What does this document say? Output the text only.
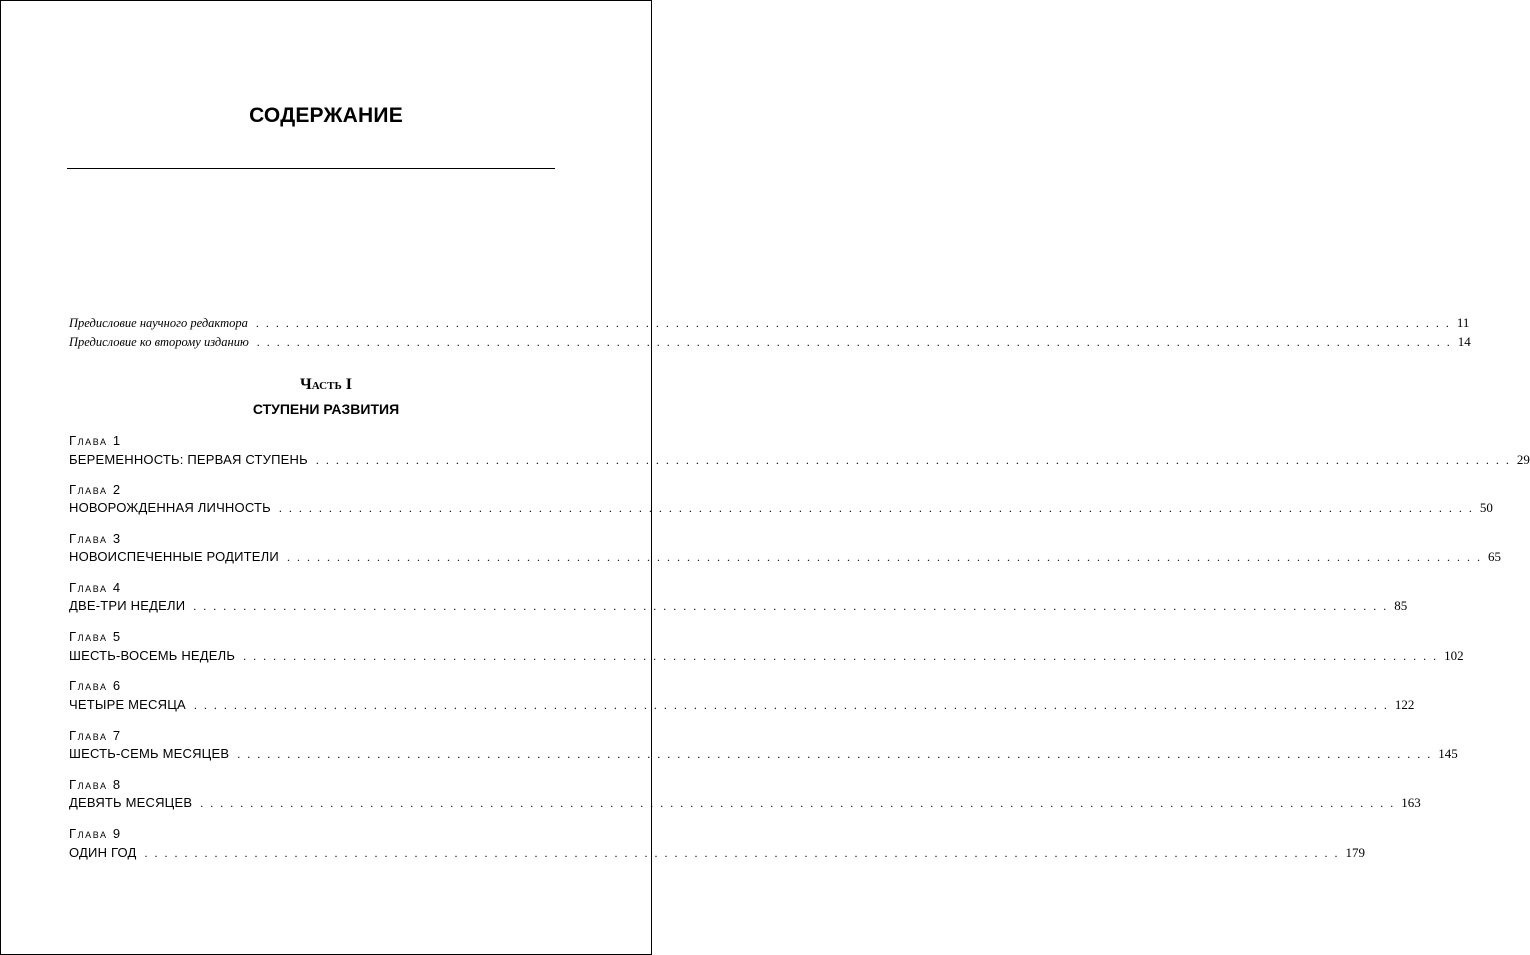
СОДЕРЖАНИЕ
Предисловие научного редактора . . . . . . . . . . . . . . . . . . . . . . . . . . . . . . . . . . . . . . . . . . . . . . . . . . . . . . . . . . . . . . . . . . . . . . . . . . . . . . . . . . . . . . . . . . . . . . . . . . . . . . . . . . . . . . . . . . . . . . . . 11
Предисловие ко второму изданию . . . . . . . . . . . . . . . . . . . . . . . . . . . . . . . . . . . . . . . . . . . . . . . . . . . . . . . . . . . . . . . . . . . . . . . . . . . . . . . . . . . . . . . . . . . . . . . . . . . . . . . . . . . . . . . . . . . . . . . . 14
Часть I
СТУПЕНИ РАЗВИТИЯ
Глава 1
БЕРЕМЕННОСТЬ: ПЕРВАЯ СТУПЕНЬ . . . . . . . . . . . . . . . . . . . . . . . . . . . . . . . . . . . . . . . . . . . . . . . . . . . . . . . . . . . . . . . . . . . . . . . . . . . . . . . . . . . . . . . . . . . . . . . . . . . . . . . . . . . . . . . . . . . . . . . . 29
Глава 2
НОВОРОЖДЕННАЯ ЛИЧНОСТЬ . . . . . . . . . . . . . . . . . . . . . . . . . . . . . . . . . . . . . . . . . . . . . . . . . . . . . . . . . . . . . . . . . . . . . . . . . . . . . . . . . . . . . . . . . . . . . . . . . . . . . . . . . . . . . . . . . . . . . . . . 50
Глава 3
НОВОИСПЕЧЕННЫЕ РОДИТЕЛИ . . . . . . . . . . . . . . . . . . . . . . . . . . . . . . . . . . . . . . . . . . . . . . . . . . . . . . . . . . . . . . . . . . . . . . . . . . . . . . . . . . . . . . . . . . . . . . . . . . . . . . . . . . . . . . . . . . . . . . . . 65
Глава 4
ДВЕ-ТРИ НЕДЕЛИ . . . . . . . . . . . . . . . . . . . . . . . . . . . . . . . . . . . . . . . . . . . . . . . . . . . . . . . . . . . . . . . . . . . . . . . . . . . . . . . . . . . . . . . . . . . . . . . . . . . . . . . . . . . . . . . . . . . . . . . . 85
Глава 5
ШЕСТЬ-ВОСЕМЬ НЕДЕЛЬ . . . . . . . . . . . . . . . . . . . . . . . . . . . . . . . . . . . . . . . . . . . . . . . . . . . . . . . . . . . . . . . . . . . . . . . . . . . . . . . . . . . . . . . . . . . . . . . . . . . . . . . . . . . . . . . . . . . . . . . . 102
Глава 6
ЧЕТЫРЕ МЕСЯЦА . . . . . . . . . . . . . . . . . . . . . . . . . . . . . . . . . . . . . . . . . . . . . . . . . . . . . . . . . . . . . . . . . . . . . . . . . . . . . . . . . . . . . . . . . . . . . . . . . . . . . . . . . . . . . . . . . . . . . . . . 122
Глава 7
ШЕСТЬ-СЕМЬ МЕСЯЦЕВ . . . . . . . . . . . . . . . . . . . . . . . . . . . . . . . . . . . . . . . . . . . . . . . . . . . . . . . . . . . . . . . . . . . . . . . . . . . . . . . . . . . . . . . . . . . . . . . . . . . . . . . . . . . . . . . . . . . . . . . . 145
Глава 8
ДЕВЯТЬ МЕСЯЦЕВ . . . . . . . . . . . . . . . . . . . . . . . . . . . . . . . . . . . . . . . . . . . . . . . . . . . . . . . . . . . . . . . . . . . . . . . . . . . . . . . . . . . . . . . . . . . . . . . . . . . . . . . . . . . . . . . . . . . . . . . . 163
Глава 9
ОДИН ГОД . . . . . . . . . . . . . . . . . . . . . . . . . . . . . . . . . . . . . . . . . . . . . . . . . . . . . . . . . . . . . . . . . . . . . . . . . . . . . . . . . . . . . . . . . . . . . . . . . . . . . . . . . . . . . . . . . . . . . . . . 179
